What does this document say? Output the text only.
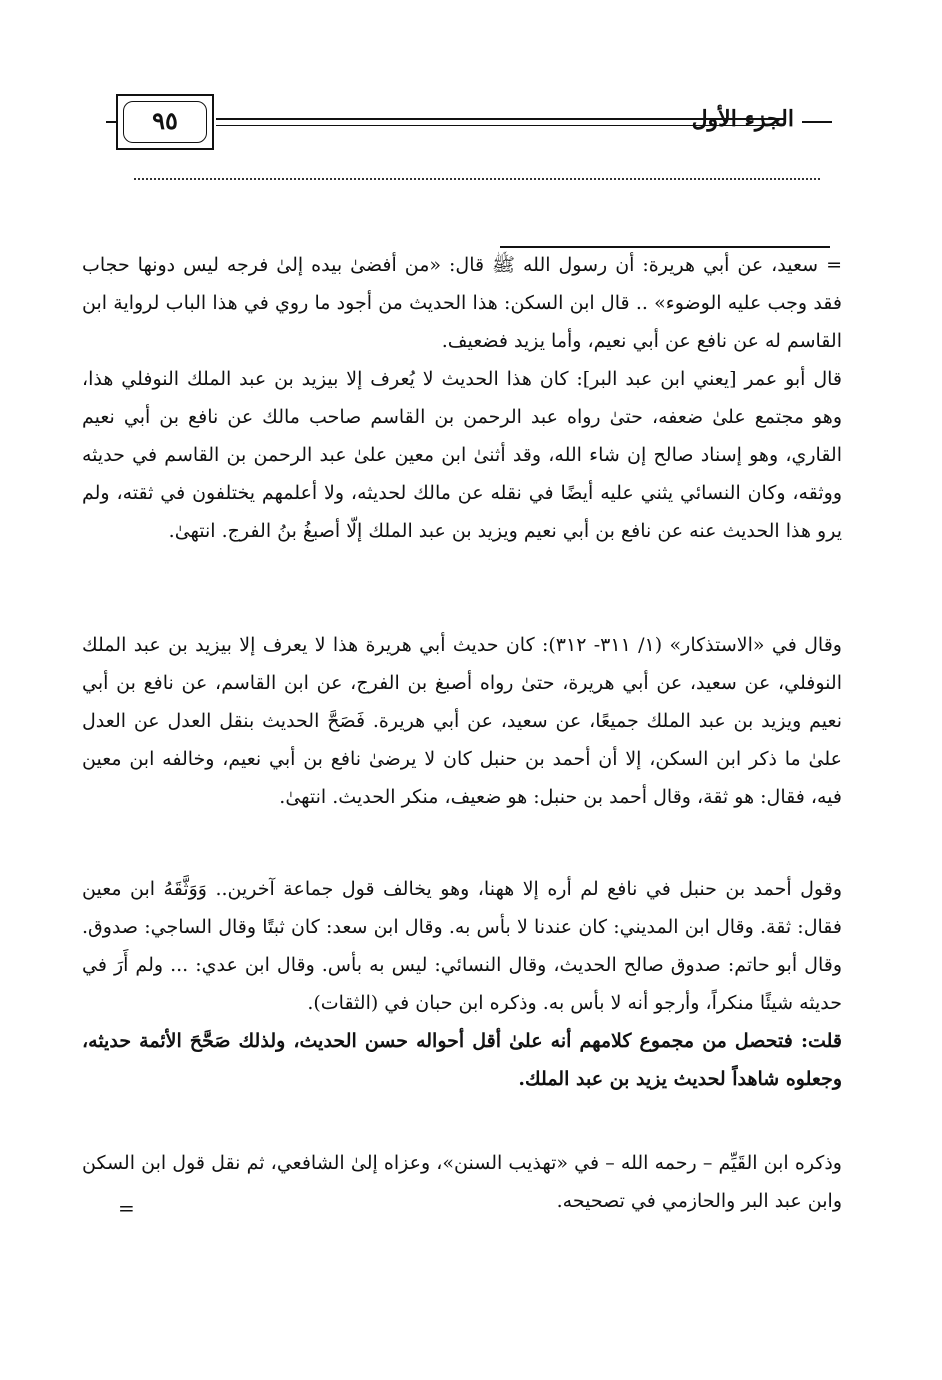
٩٥	الجزء الأول

= سعيد، عن أبي هريرة: أن رسول الله ﷺ قال: «من أفضىٰ بيده إلىٰ فرجه ليس دونها حجاب فقد وجب عليه الوضوء» .. قال ابن السكن: هذا الحديث من أجود ما روي في هذا الباب لرواية ابن القاسم له عن نافع عن أبي نعيم، وأما يزيد فضعيف.

قال أبو عمر [يعني ابن عبد البر]: كان هذا الحديث لا يُعرف إلا بيزيد بن عبد الملك النوفلي هذا، وهو مجتمع علىٰ ضعفه، حتىٰ رواه عبد الرحمن بن القاسم صاحب مالك عن نافع بن أبي نعيم القاري، وهو إسناد صالح إن شاء الله، وقد أثنىٰ ابن معين علىٰ عبد الرحمن بن القاسم في حديثه ووثقه، وكان النسائي يثني عليه أيضًا في نقله عن مالك لحديثه، ولا أعلمهم يختلفون في ثقته، ولم يرو هذا الحديث عنه عن نافع بن أبي نعيم ويزيد بن عبد الملك إلّا أصبغُ بنُ الفرج. انتهىٰ.

وقال في «الاستذكار» (١/ ٣١١- ٣١٢): كان حديث أبي هريرة هذا لا يعرف إلا بيزيد بن عبد الملك النوفلي، عن سعيد، عن أبي هريرة، حتىٰ رواه أصبغ بن الفرج، عن ابن القاسم، عن نافع بن أبي نعيم ويزيد بن عبد الملك جميعًا، عن سعيد، عن أبي هريرة. فَصَحَّ الحديث بنقل العدل عن العدل علىٰ ما ذكر ابن السكن، إلا أن أحمد بن حنبل كان لا يرضىٰ نافع بن أبي نعيم، وخالفه ابن معين فيه، فقال: هو ثقة، وقال أحمد بن حنبل: هو ضعيف، منكر الحديث. انتهىٰ.

وقول أحمد بن حنبل في نافع لم أره إلا ههنا، وهو يخالف قول جماعة آخرين.. وَوَثَّقَهُ ابن معين فقال: ثقة. وقال ابن المديني: كان عندنا لا بأس به. وقال ابن سعد: كان ثبتًا وقال الساجي: صدوق. وقال أبو حاتم: صدوق صالح الحديث، وقال النسائي: ليس به بأس. وقال ابن عدي: ... ولم أَرَ في حديثه شيئًا منكراً، وأرجو أنه لا بأس به. وذكره ابن حبان في (الثقات).

قلت: فتحصل من مجموع كلامهم أنه علىٰ أقل أحواله حسن الحديث، ولذلك صَحَّحَ الأئمة حديثه، وجعلوه شاهداً لحديث يزيد بن عبد الملك.

وذكره ابن القَيِّم – رحمه الله – في «تهذيب السنن»، وعزاه إلىٰ الشافعي، ثم نقل قول ابن السكن وابن عبد البر والحازمي في تصحيحه.

=
